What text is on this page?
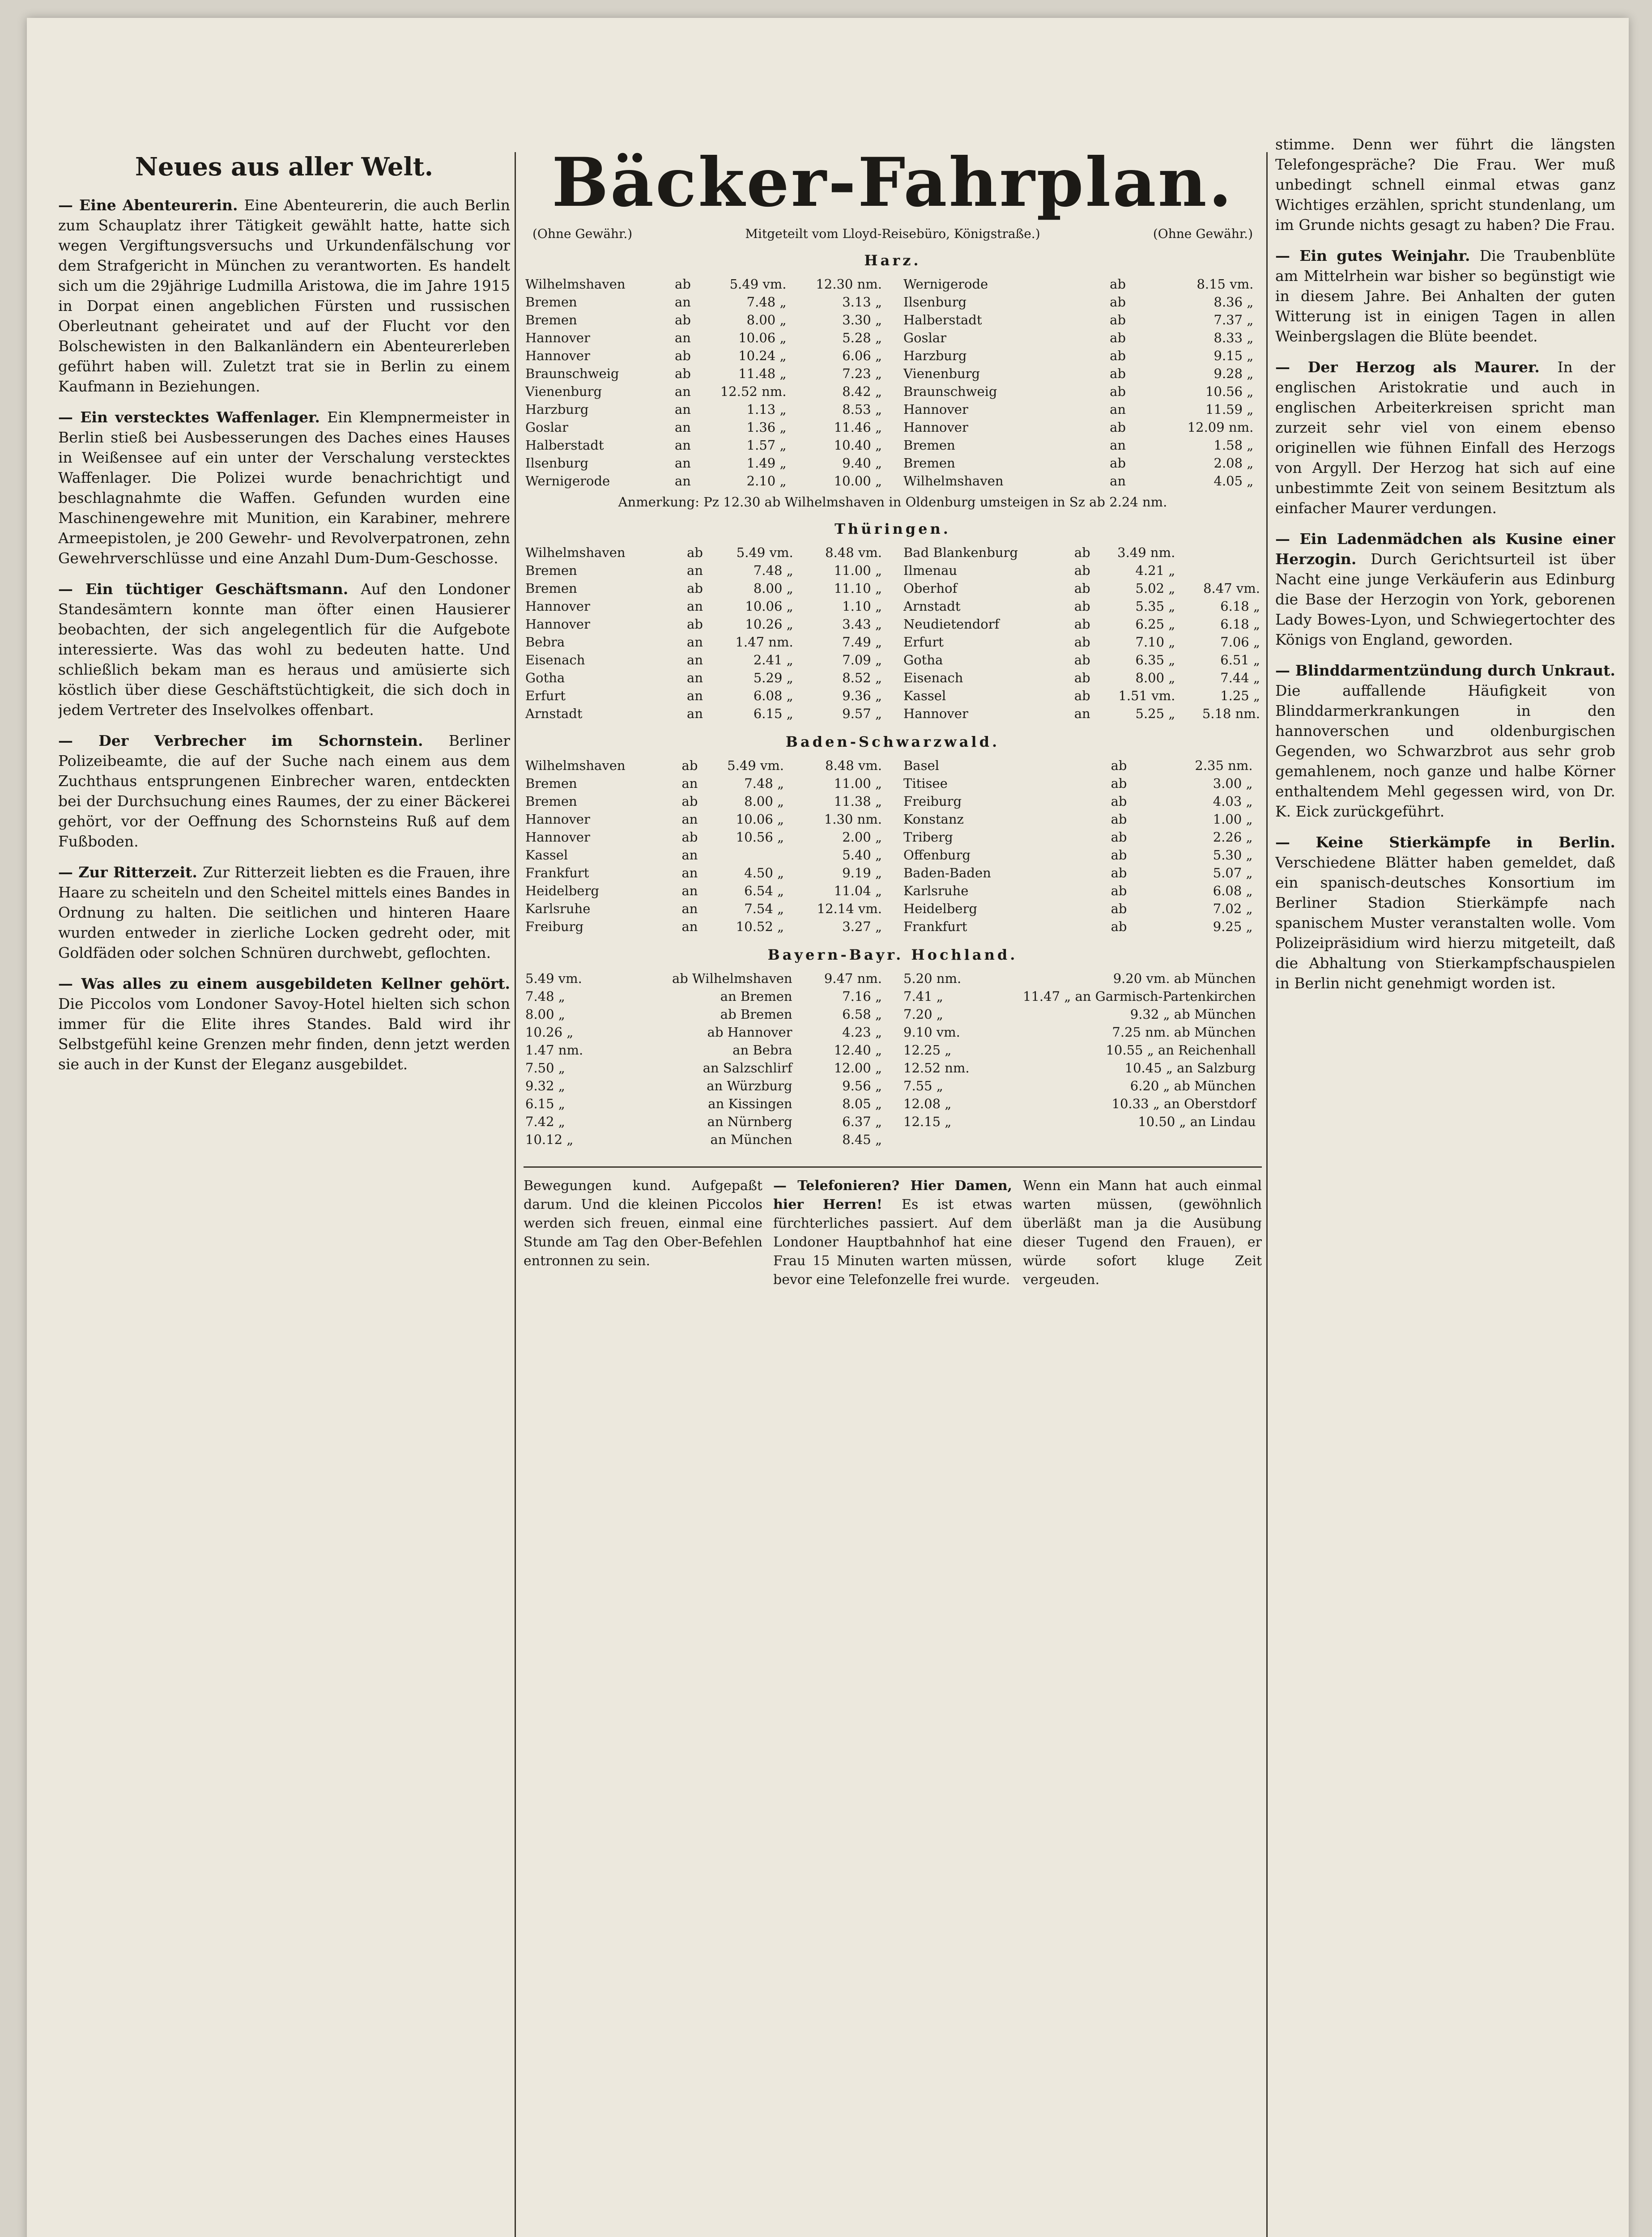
Neues aus aller Welt.

— Eine Abenteurerin. Eine Abenteurerin, die auch Berlin zum Schauplatz ihrer Tätigkeit gewählt hatte, hatte sich wegen Vergiftungsversuchs und Urkundenfälschung vor dem Strafgericht in München zu verantworten. Es handelt sich um die 29jährige Ludmilla Aristowa, die im Jahre 1915 in Dorpat einen angeblichen Fürsten und russischen Oberleutnant geheiratet und auf der Flucht vor den Bolschewisten in den Balkanländern ein Abenteurerleben geführt haben will. Zuletzt trat sie in Berlin zu einem Kaufmann in Beziehungen.

— Ein verstecktes Waffenlager. Ein Klempnermeister in Berlin stieß bei Ausbesserungen des Daches eines Hauses in Weißensee auf ein unter der Verschalung verstecktes Waffenlager. Die Polizei wurde benachrichtigt und beschlagnahmte die Waffen. Gefunden wurden eine Maschinengewehre mit Munition, ein Karabiner, mehrere Armeepistolen, je 200 Gewehr- und Revolverpatronen, zehn Gewehrverschlüsse und eine Anzahl Dum-Dum-Geschosse.

— Ein tüchtiger Geschäftsmann. Auf den Londoner Standesämtern konnte man öfter einen Hausierer beobachten, der sich angelegentlich für die Aufgebote interessierte. Was das wohl zu bedeuten hatte. Und schließlich bekam man es heraus und amüsierte sich köstlich über diese Geschäftstüchtigkeit, die sich doch in jedem Vertreter des Inselvolkes offenbart.

— Der Verbrecher im Schornstein. Berliner Polizeibeamte, die auf der Suche nach einem aus dem Zuchthaus entsprungenen Einbrecher waren, entdeckten bei der Durchsuchung eines Raumes, der zu einer Bäckerei gehört, vor der Oeffnung des Schornsteins Ruß auf dem Fußboden.

— Zur Ritterzeit. Zur Ritterzeit liebten es die Frauen, ihre Haare zu scheiteln und den Scheitel mittels eines Bandes in Ordnung zu halten. Die seitlichen und hinteren Haare wurden entweder in zierliche Locken gedreht oder, mit Goldfäden oder solchen Schnüren durchwebt, geflochten.

— Was alles zu einem ausgebildeten Kellner gehört. Die Piccolos vom Londoner Savoy-Hotel hielten sich schon immer für die Elite ihres Standes. Bald wird ihr Selbstgefühl keine Grenzen mehr finden, denn jetzt werden sie auch in der Kunst der Eleganz ausgebildet.

Bäcker-Fahrplan.
(Ohne Gewähr.)	Mitgeteilt vom Lloyd-Reisebüro, Königstraße.)	(Ohne Gewähr.)
Harz.
Wilhelmshaven	ab	5.49 vm.	12.30 nm.
Bremen	an	7.48 „	3.13 „
Bremen	ab	8.00 „	3.30 „
Hannover	an	10.06 „	5.28 „
Hannover	ab	10.24 „	6.06 „
Braunschweig	ab	11.48 „	7.23 „
Vienenburg	an	12.52 nm.	8.42 „
Harzburg	an	1.13 „	8.53 „
Goslar	an	1.36 „	11.46 „
Halberstadt	an	1.57 „	10.40 „
Ilsenburg	an	1.49 „	9.40 „
Wernigerode	an	2.10 „	10.00 „
Wernigerode	ab	8.15 vm.	
Ilsenburg	ab	8.36 „	
Halberstadt	ab	7.37 „	
Goslar	ab	8.33 „	
Harzburg	ab	9.15 „	
Vienenburg	ab	9.28 „	
Braunschweig	ab	10.56 „	
Hannover	an	11.59 „	
Hannover	ab	12.09 nm.	
Bremen	an	1.58 „	
Bremen	ab	2.08 „	
Wilhelmshaven	an	4.05 „	
Anmerkung: Pz 12.30 ab Wilhelmshaven in Oldenburg umsteigen in Sz ab 2.24 nm.
Thüringen.
Wilhelmshaven	ab	5.49 vm.	8.48 vm.
Bremen	an	7.48 „	11.00 „
Bremen	ab	8.00 „	11.10 „
Hannover	an	10.06 „	1.10 „
Hannover	ab	10.26 „	3.43 „
Bebra	an	1.47 nm.	7.49 „
Eisenach	an	2.41 „	7.09 „
Gotha	an	5.29 „	8.52 „
Erfurt	an	6.08 „	9.36 „
Arnstadt	an	6.15 „	9.57 „
Bad Blankenburg	ab	3.49 nm.	
Ilmenau	ab	4.21 „	
Oberhof	ab	5.02 „	8.47 vm.
Arnstadt	ab	5.35 „	6.18 „
Neudietendorf	ab	6.25 „	6.18 „
Erfurt	ab	7.10 „	7.06 „
Gotha	ab	6.35 „	6.51 „
Eisenach	ab	8.00 „	7.44 „
Kassel	ab	1.51 vm.	1.25 „
Hannover	an	5.25 „	5.18 nm.
Baden-Schwarzwald.
Wilhelmshaven	ab	5.49 vm.	8.48 vm.
Bremen	an	7.48 „	11.00 „
Bremen	ab	8.00 „	11.38 „
Hannover	an	10.06 „	1.30 nm.
Hannover	ab	10.56 „	2.00 „
Kassel	an		5.40 „
Frankfurt	an	4.50 „	9.19 „
Heidelberg	an	6.54 „	11.04 „
Karlsruhe	an	7.54 „	12.14 vm.
Freiburg	an	10.52 „	3.27 „
Basel	ab	2.35 nm.	
Titisee	ab	3.00 „	
Freiburg	ab	4.03 „	
Konstanz	ab	1.00 „	
Triberg	ab	2.26 „	
Offenburg	ab	5.30 „	
Baden-Baden	ab	5.07 „	
Karlsruhe	ab	6.08 „	
Heidelberg	ab	7.02 „	
Frankfurt	ab	9.25 „	
Bayern-Bayr. Hochland.
5.49 vm.	ab Wilhelmshaven	9.47 nm.
7.48 „	an Bremen	7.16 „
8.00 „	ab Bremen	6.58 „
10.26 „	ab Hannover	4.23 „
1.47 nm.	an Bebra	12.40 „
7.50 „	an Salzschlirf	12.00 „
9.32 „	an Würzburg	9.56 „
6.15 „	an Kissingen	8.05 „
7.42 „	an Nürnberg	6.37 „
10.12 „	an München	8.45 „
5.20 nm.	9.20 vm. ab München	
7.41 „	11.47 „ an Garmisch-Partenkirchen	
7.20 „	9.32 „ ab München	
9.10 vm.	7.25 nm. ab München	
12.25 „	10.55 „ an Reichenhall	
12.52 nm.	10.45 „ an Salzburg	
7.55 „	6.20 „ ab München	
12.08 „	10.33 „ an Oberstdorf	
12.15 „	10.50 „ an Lindau	

Bewegungen kund. Aufgepaßt darum. Und die kleinen Piccolos werden sich freuen, einmal eine Stunde am Tag den Ober-Befehlen entronnen zu sein.

— Telefonieren? Hier Damen, hier Herren! Es ist etwas fürchterliches passiert. Auf dem Londoner Hauptbahnhof hat eine Frau 15 Minuten warten müssen, bevor eine Telefonzelle frei wurde.

Wenn ein Mann hat auch einmal warten müssen, (gewöhnlich überläßt man ja die Ausübung dieser Tugend den Frauen), er würde sofort kluge Zeit vergeuden.

stimme. Denn wer führt die längsten Telefongespräche? Die Frau. Wer muß unbedingt schnell einmal etwas ganz Wichtiges erzählen, spricht stundenlang, um im Grunde nichts gesagt zu haben? Die Frau.

— Ein gutes Weinjahr. Die Traubenblüte am Mittelrhein war bisher so begünstigt wie in diesem Jahre. Bei Anhalten der guten Witterung ist in einigen Tagen in allen Weinbergslagen die Blüte beendet.

— Der Herzog als Maurer. In der englischen Aristokratie und auch in englischen Arbeiterkreisen spricht man zurzeit sehr viel von einem ebenso originellen wie fühnen Einfall des Herzogs von Argyll. Der Herzog hat sich auf eine unbestimmte Zeit von seinem Besitztum als einfacher Maurer verdungen.

— Ein Ladenmädchen als Kusine einer Herzogin. Durch Gerichtsurteil ist über Nacht eine junge Verkäuferin aus Edinburg die Base der Herzogin von York, geborenen Lady Bowes-Lyon, und Schwiegertochter des Königs von England, geworden.

— Blinddarmentzündung durch Unkraut. Die auffallende Häufigkeit von Blinddarmerkrankungen in den hannoverschen und oldenburgischen Gegenden, wo Schwarzbrot aus sehr grob gemahlenem, noch ganze und halbe Körner enthaltendem Mehl gegessen wird, von Dr. K. Eick zurückgeführt.

— Keine Stierkämpfe in Berlin. Verschiedene Blätter haben gemeldet, daß ein spanisch-deutsches Konsortium im Berliner Stadion Stierkämpfe nach spanischem Muster veranstalten wolle. Vom Polizeipräsidium wird hierzu mitgeteilt, daß die Abhaltung von Stierkampfschauspielen in Berlin nicht genehmigt worden ist.
